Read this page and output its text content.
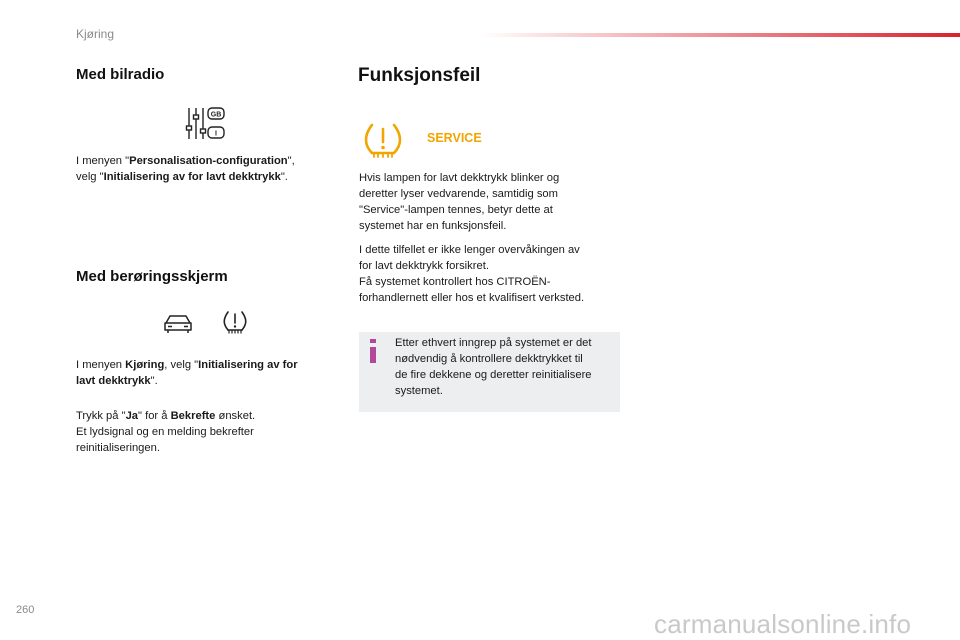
Kjøring
Med bilradio
GB
I

I menyen "Personalisation-configuration",
velg "Initialisering av for lavt dekktrykk".

Med berøringsskjerm

I menyen Kjøring, velg "Initialisering av for
lavt dekktrykk".

Trykk på "Ja" for å Bekrefte ønsket.
Et lydsignal og en melding bekrefter
reinitialiseringen.

Funksjonsfeil
SERVICE

Hvis lampen for lavt dekktrykk blinker og
deretter lyser vedvarende, samtidig som
"Service"-lampen tennes, betyr dette at
systemet har en funksjonsfeil.

I dette tilfellet er ikke lenger overvåkingen av
for lavt dekktrykk forsikret.
Få systemet kontrollert hos CITROËN-
forhandlernett eller hos et kvalifisert verksted.

Etter ethvert inngrep på systemet er det
nødvendig å kontrollere dekktrykket til
de fire dekkene og deretter reinitialisere
systemet.
260	carmanualsonline.info
